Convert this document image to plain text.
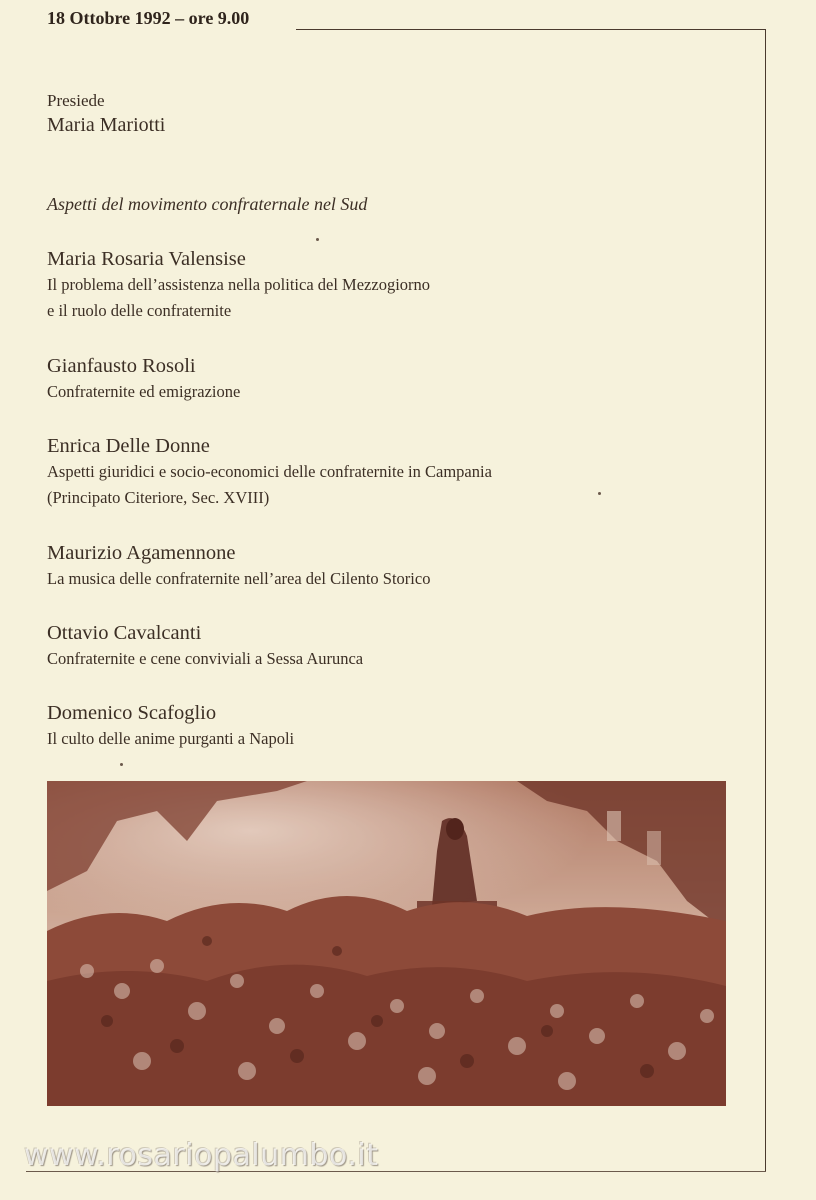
18 Ottobre 1992 – ore 9.00
Presiede
Maria Mariotti
Aspetti del movimento confraternale nel Sud
Maria Rosaria Valensise
Il problema dell’assistenza nella politica del Mezzogiorno
e il ruolo delle confraternite
Gianfausto Rosoli
Confraternite ed emigrazione
Enrica Delle Donne
Aspetti giuridici e socio-economici delle confraternite in Campania
(Principato Citeriore, Sec. XVIII)
Maurizio Agamennone
La musica delle confraternite nell’area del Cilento Storico
Ottavio Cavalcanti
Confraternite e cene conviviali a Sessa Aurunca
Domenico Scafoglio
Il culto delle anime purganti a Napoli
www.rosariopalumbo.it
